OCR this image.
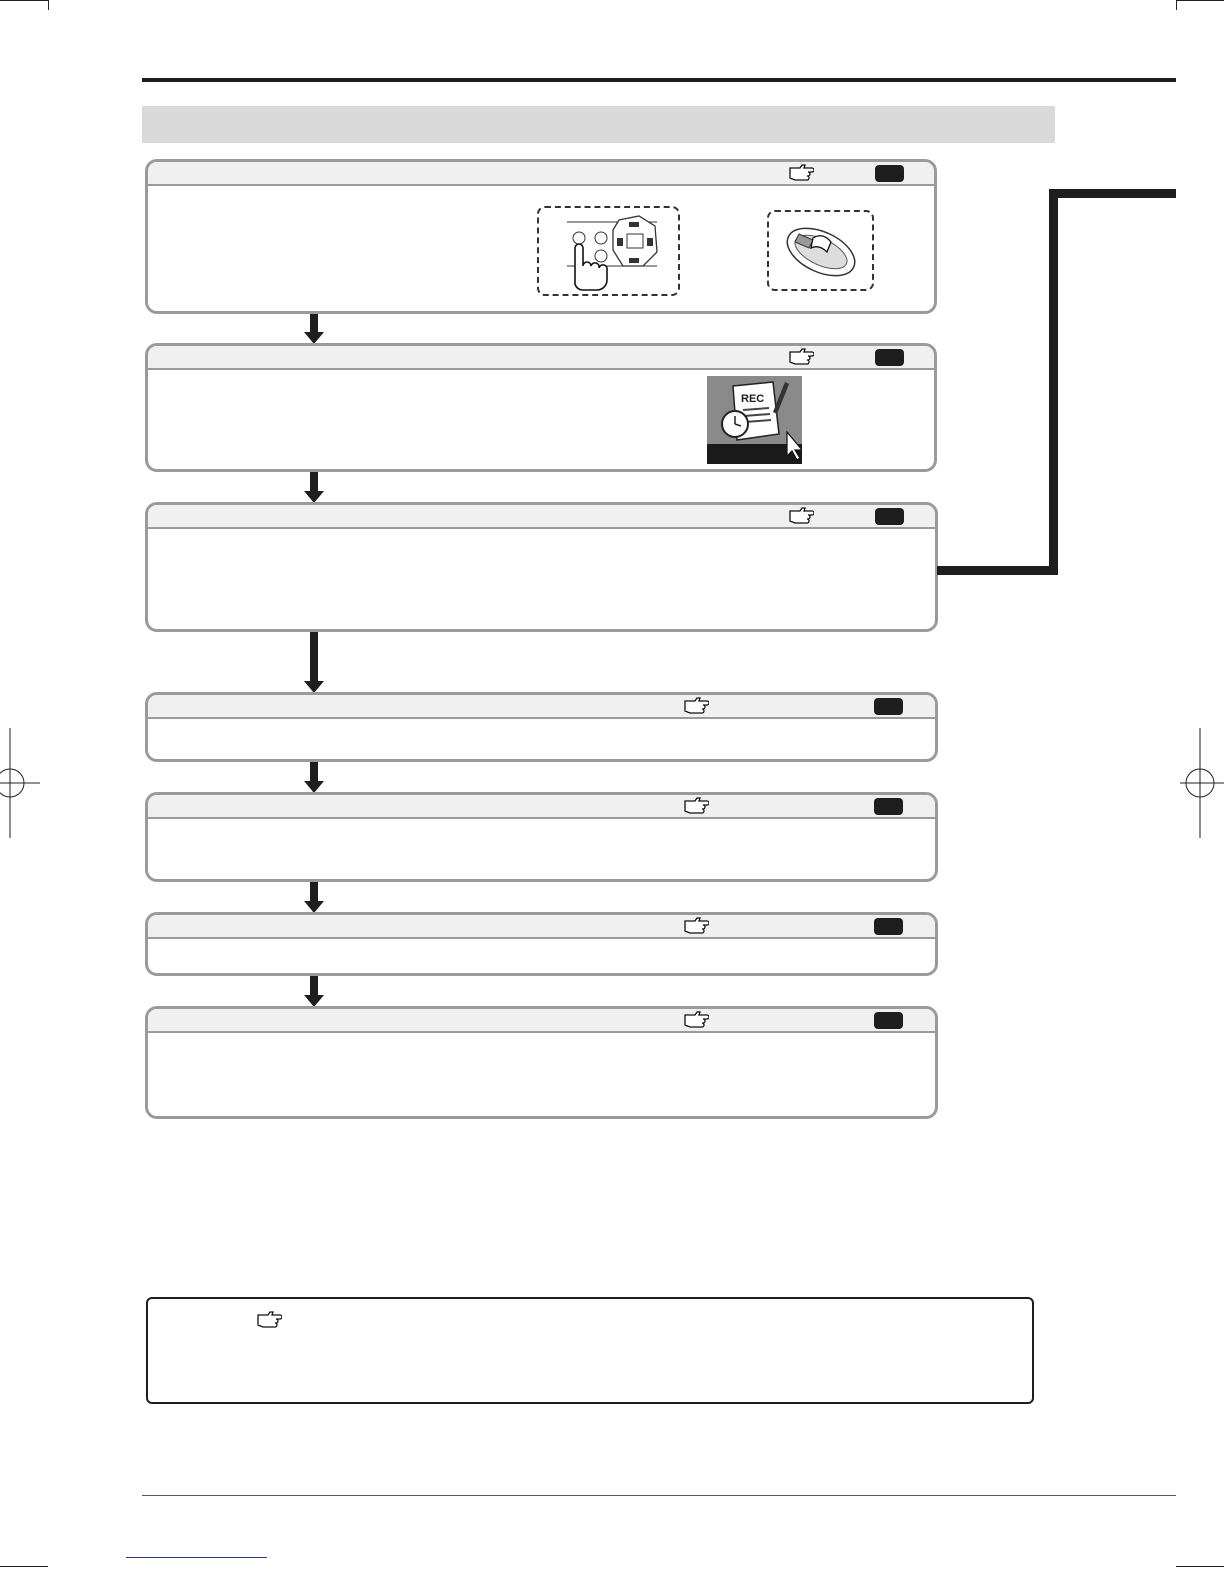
REC
